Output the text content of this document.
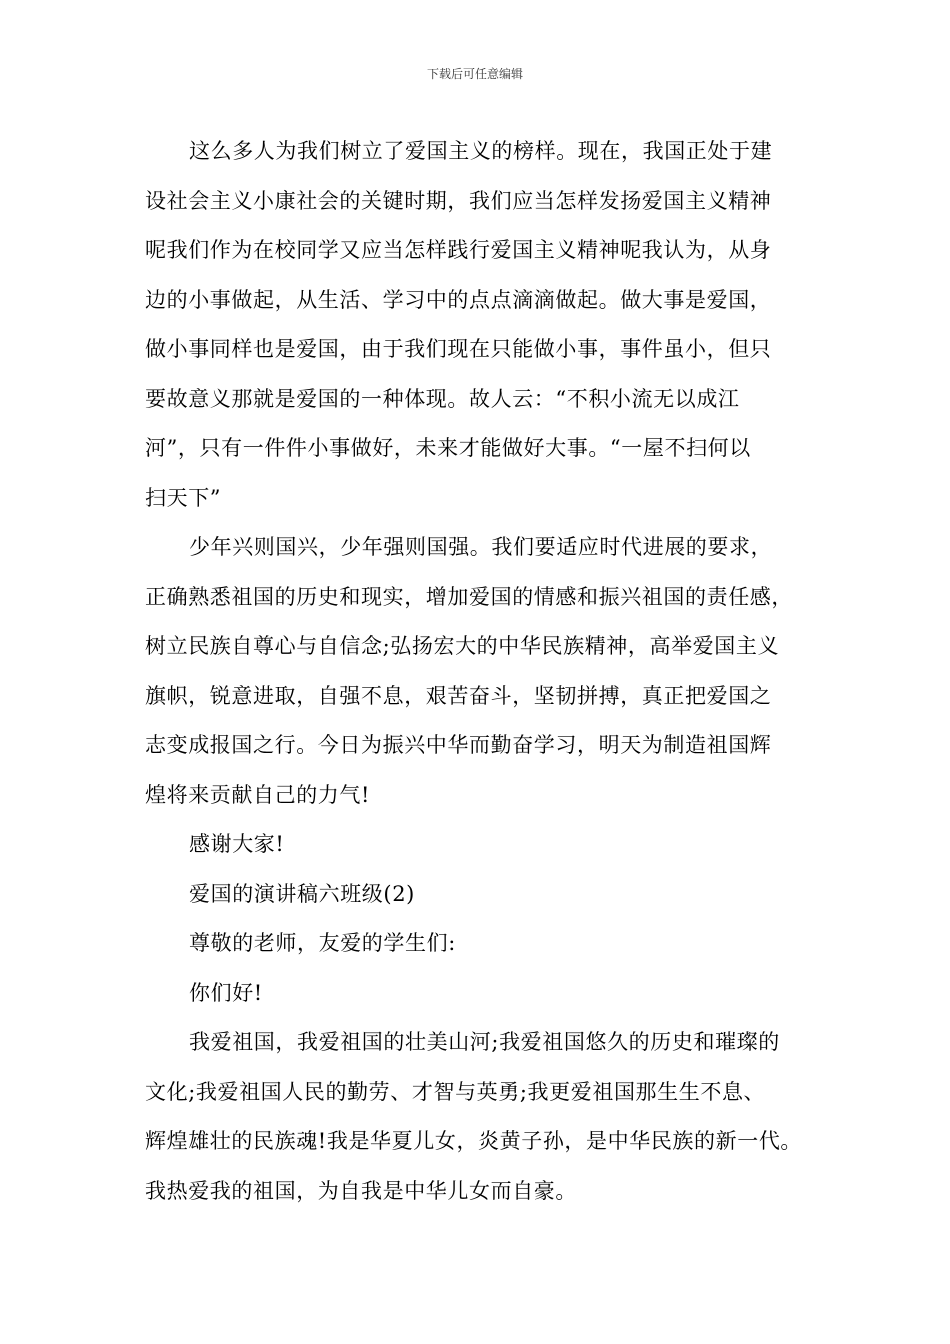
下载后可任意编辑
这么多人为我们树立了爱国主义的榜样。现在，我国正处于建
设社会主义小康社会的关键时期，我们应当怎样发扬爱国主义精神
呢我们作为在校同学又应当怎样践行爱国主义精神呢我认为，从身
边的小事做起，从生活、学习中的点点滴滴做起。做大事是爱国，
做小事同样也是爱国，由于我们现在只能做小事，事件虽小，但只
要故意义那就是爱国的一种体现。故人云：“不积小流无以成江
河”，只有一件件小事做好，未来才能做好大事。“一屋不扫何以
扫天下”
少年兴则国兴，少年强则国强。我们要适应时代进展的要求，
正确熟悉祖国的历史和现实，增加爱国的情感和振兴祖国的责任感，
树立民族自尊心与自信念;弘扬宏大的中华民族精神，高举爱国主义
旗帜，锐意进取，自强不息，艰苦奋斗，坚韧拼搏，真正把爱国之
志变成报国之行。今日为振兴中华而勤奋学习，明天为制造祖国辉
煌将来贡献自己的力气!
感谢大家!
爱国的演讲稿六班级(2)
尊敬的老师，友爱的学生们:
你们好!
我爱祖国，我爱祖国的壮美山河;我爱祖国悠久的历史和璀璨的
文化;我爱祖国人民的勤劳、才智与英勇;我更爱祖国那生生不息、
辉煌雄壮的民族魂!我是华夏儿女，炎黄子孙，是中华民族的新一代。
我热爱我的祖国，为自我是中华儿女而自豪。
